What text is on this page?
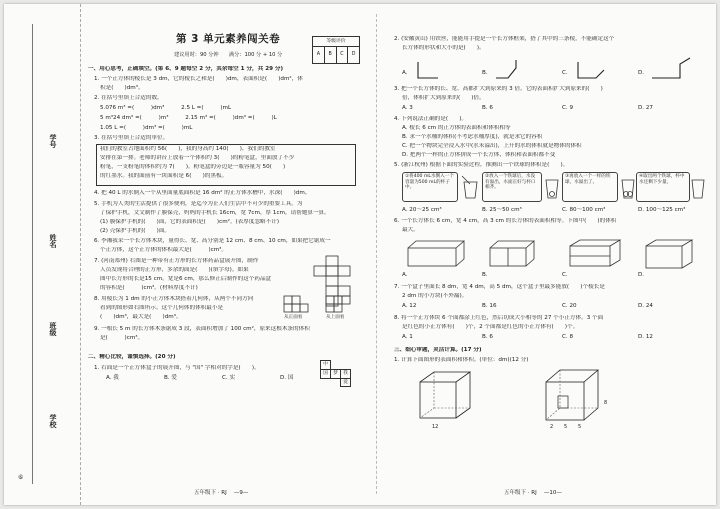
学号
姓名
班级
学校
⑥
第 3 单元素养闯关卷
建议用时：90 分钟　　满分：100 分 + 10 分
等级评价
A	B	C	D
一、用心思考，正确填空。(第 6、9 题每空 2 分，其余每空 1 分，共 29 分)
1. 一个正方体的棱长是 3 dm，它的棱长之和是(　　)dm，表面积是(　　)dm²，体
积是(　　)dm³。
2. 在括号里填上合适的数。
5.076 m³ =(　　　)dm³　　　2.5 L =(　　　)mL
5 m³24 dm³ =(　　　)m³　　　2.15 m³ =(　　　)dm³ =(　　　)L
1.05 L =(　　　)dm³ =(　　　)mL
3. 在括号里填上合适的单位。
我们的教室占地面积约 56(　　)，我的身高约 140(　　)，我们的教室
安排在第一排。老师的讲台上放着一个体积约 3(　　)的粉笔盒，里面放了不少
粉笔，一支粉笔的体积约为 7(　　)。粉笔盒的旁边是一瓶容量为 50(　　)
的红墨水。我的面前有一块面积是 6(　　)的黑板。
4. 把 40 L 的水倒入一个从里面量底面积是 16 dm² 的正方体水槽中，水深(　　)dm。
5. 手机为人类的生活提供了很多便利，是迄今为止人们生活中不可少的重要工具。为
了保护手机，文文制作了膜保壳，妈妈的手机长 16cm，宽 7cm，厚 1cm，请帮她算一算。
(1) 膜保护手机的(　　)面，它的表面积是(　　)cm²。(表厚度忽略不计)
(2) 壳保护手机的(　　)面。
6. 李湘我采一个长方体木块，量得长、宽、高分别是 12 cm、8 cm、10 cm，如果把它锯成一
个正方体，这个正方体的体积最大是(　　　)cm³。
7. (河南郑州) 右图是一种带有正方形的长方体药品盒展开图，制作
人员发现将合理的正方形，多余的面是(　　)(填字母)。如果
图中长方形的长是15 cm，宽是6 cm，那么修正后制作的这个药品盒
的容积是(　　　)cm³。(材料厚度不计)
8. 用棱长为 1 dm 的小正方体木块搭着几何体，从两个不同方向
看到的图形如右图所示。这个几何体的体积最小是
(　　)dm³，最大是(　　)dm³。	从正面看	从上面看
9. 一根长 5 m 的长方体木条锯成 3 段，表面积增加了 100 cm²，原来这根木条的体积
是(　　　)cm³。
二、精心比较，谨慎选择。(20 分)
1. 右面是一个正方体盒子的展开图，与 "国" 字相对的字是(　　)。
A. 我	B. 爱	C. 实	D. 国
中
国	梦	我
爱
五年级下 · RJ　 —9—
2. (安徽黄山) 用铁丝，能能用手提是一个长方体框架，搭了其中的三条棱，不能确定这个
长方体的形状和大小的是(　　)。
A.	B.	C.	D.
3. 把一个长方体的长、宽、高都扩大到原来的 3 倍，它的表面积扩大到原来的(　　)
倍，体积扩大到原来的(　　)倍。
A. 3	B. 6	C. 9	D. 27
4. 下列说法正确的是(　　)。
A. 棱长 6 cm 的正方体的表面积和体积相等
B. 求一个水桶的体积(不考虑水桶厚度)，就是求它的容积
C. 把一个物块完全浸入水中(水未溢出)，上升的水的体积就是物体的体积
D. 把两个一样的正方体拼成一个长方体，体积和表面积都不变
5. (浙江杭州) 根据下面的实验过程，推测出一个铁球的体积是(　　)。
①将400 mL水倒入一个容量为500 mL的杯子中。
②放入一个铁球后，水没有溢出，水面正好与杯口相齐。
③再放入一个一样的铁球，水溢出了。
④取出两个铁球，杯中水还剩下少量。
A. 20～25 cm³	B. 25～50 cm³	C. 80～100 cm³	D. 100～125 cm³
6. 一个长方体长 6 cm，宽 4 cm，高 3 cm 的长方体的表面积相等。下图中(　　)的体积
最大。
A.	B.	C.	D.
7. 一个盒子里面长 8 dm，宽 4 dm，高 5 dm，这个盒子里最多能放(　　)个棱长是
2 dm 的小方块(不外漏)。
A. 12	B. 16	C. 20	D. 24
8. 将一个正方体块 6 个面都涂上红色，然后切成大小相等的 27 个小正方体。3 个面
是红色的小正方体有(　　)个，2 个面都是红色的小正方体有(　　)个。
A. 1	B. 6	C. 8	D. 12
三、细心审题，灵活计算。(17 分)
1. 计算下面图形的表面积和体积。(单位：dm)(12 分)
12	2 5 5
8
五年级下 · RJ　 —10—
